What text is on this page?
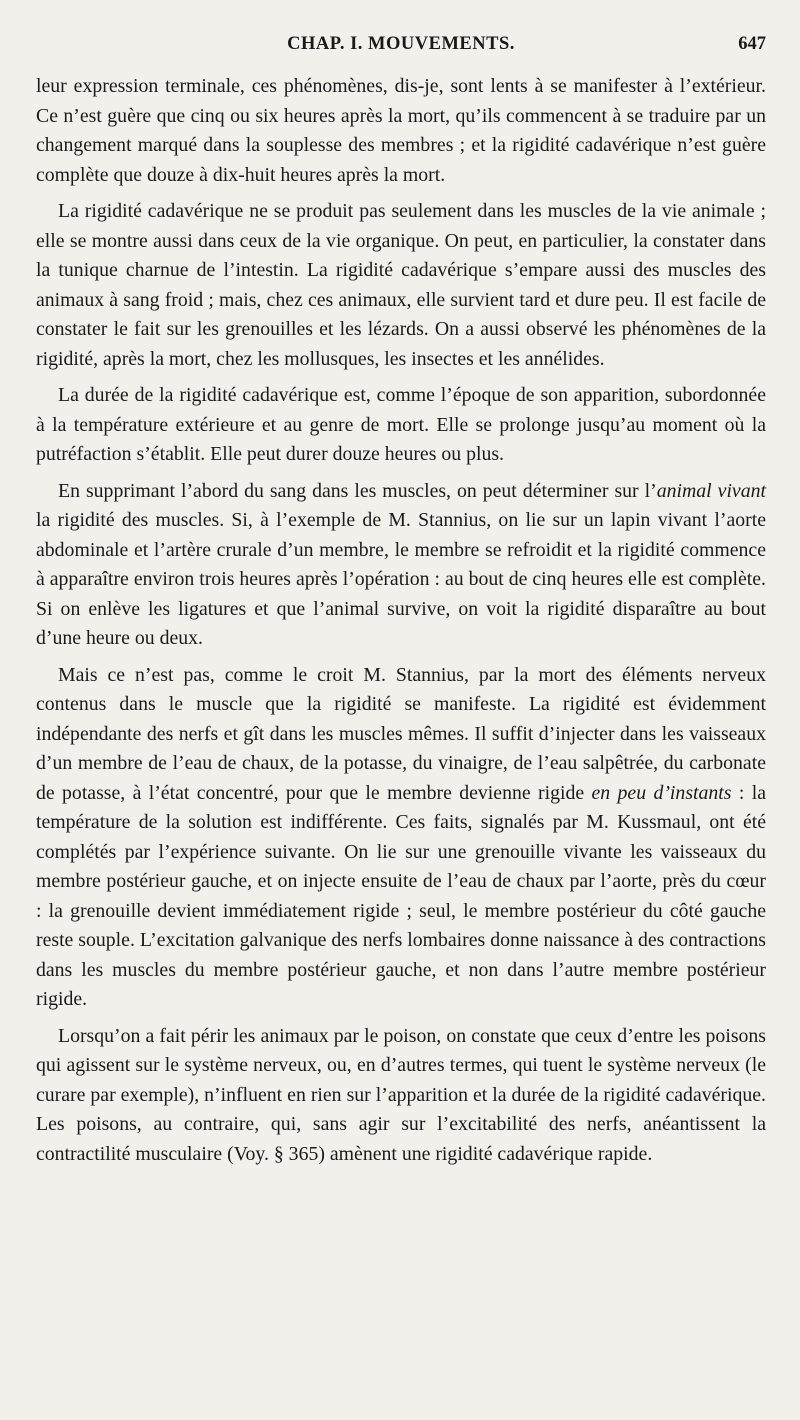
CHAP. I. MOUVEMENTS.	647

leur expression terminale, ces phénomènes, dis-je, sont lents à se manifester à l’extérieur. Ce n’est guère que cinq ou six heures après la mort, qu’ils commencent à se traduire par un changement marqué dans la souplesse des membres ; et la rigidité cadavérique n’est guère complète que douze à dix-huit heures après la mort.

La rigidité cadavérique ne se produit pas seulement dans les muscles de la vie animale ; elle se montre aussi dans ceux de la vie organique. On peut, en particulier, la constater dans la tunique charnue de l’intestin. La rigidité cadavérique s’empare aussi des muscles des animaux à sang froid ; mais, chez ces animaux, elle survient tard et dure peu. Il est facile de constater le fait sur les grenouilles et les lézards. On a aussi observé les phénomènes de la rigidité, après la mort, chez les mollusques, les insectes et les annélides.

La durée de la rigidité cadavérique est, comme l’époque de son apparition, subordonnée à la température extérieure et au genre de mort. Elle se prolonge jusqu’au moment où la putréfaction s’établit. Elle peut durer douze heures ou plus.

En supprimant l’abord du sang dans les muscles, on peut déterminer sur l’animal vivant la rigidité des muscles. Si, à l’exemple de M. Stannius, on lie sur un lapin vivant l’aorte abdominale et l’artère crurale d’un membre, le membre se refroidit et la rigidité commence à apparaître environ trois heures après l’opération : au bout de cinq heures elle est complète. Si on enlève les ligatures et que l’animal survive, on voit la rigidité disparaître au bout d’une heure ou deux.

Mais ce n’est pas, comme le croit M. Stannius, par la mort des éléments nerveux contenus dans le muscle que la rigidité se manifeste. La rigidité est évidemment indépendante des nerfs et gît dans les muscles mêmes. Il suffit d’injecter dans les vaisseaux d’un membre de l’eau de chaux, de la potasse, du vinaigre, de l’eau salpêtrée, du carbonate de potasse, à l’état concentré, pour que le membre devienne rigide en peu d’instants : la température de la solution est indifférente. Ces faits, signalés par M. Kussmaul, ont été complétés par l’expérience suivante. On lie sur une grenouille vivante les vaisseaux du membre postérieur gauche, et on injecte ensuite de l’eau de chaux par l’aorte, près du cœur : la grenouille devient immédiatement rigide ; seul, le membre postérieur du côté gauche reste souple. L’excitation galvanique des nerfs lombaires donne naissance à des contractions dans les muscles du membre postérieur gauche, et non dans l’autre membre postérieur rigide.

Lorsqu’on a fait périr les animaux par le poison, on constate que ceux d’entre les poisons qui agissent sur le système nerveux, ou, en d’autres termes, qui tuent le système nerveux (le curare par exemple), n’influent en rien sur l’apparition et la durée de la rigidité cadavérique. Les poisons, au contraire, qui, sans agir sur l’excitabilité des nerfs, anéantissent la contractilité musculaire (Voy. § 365) amènent une rigidité cadavérique rapide.
